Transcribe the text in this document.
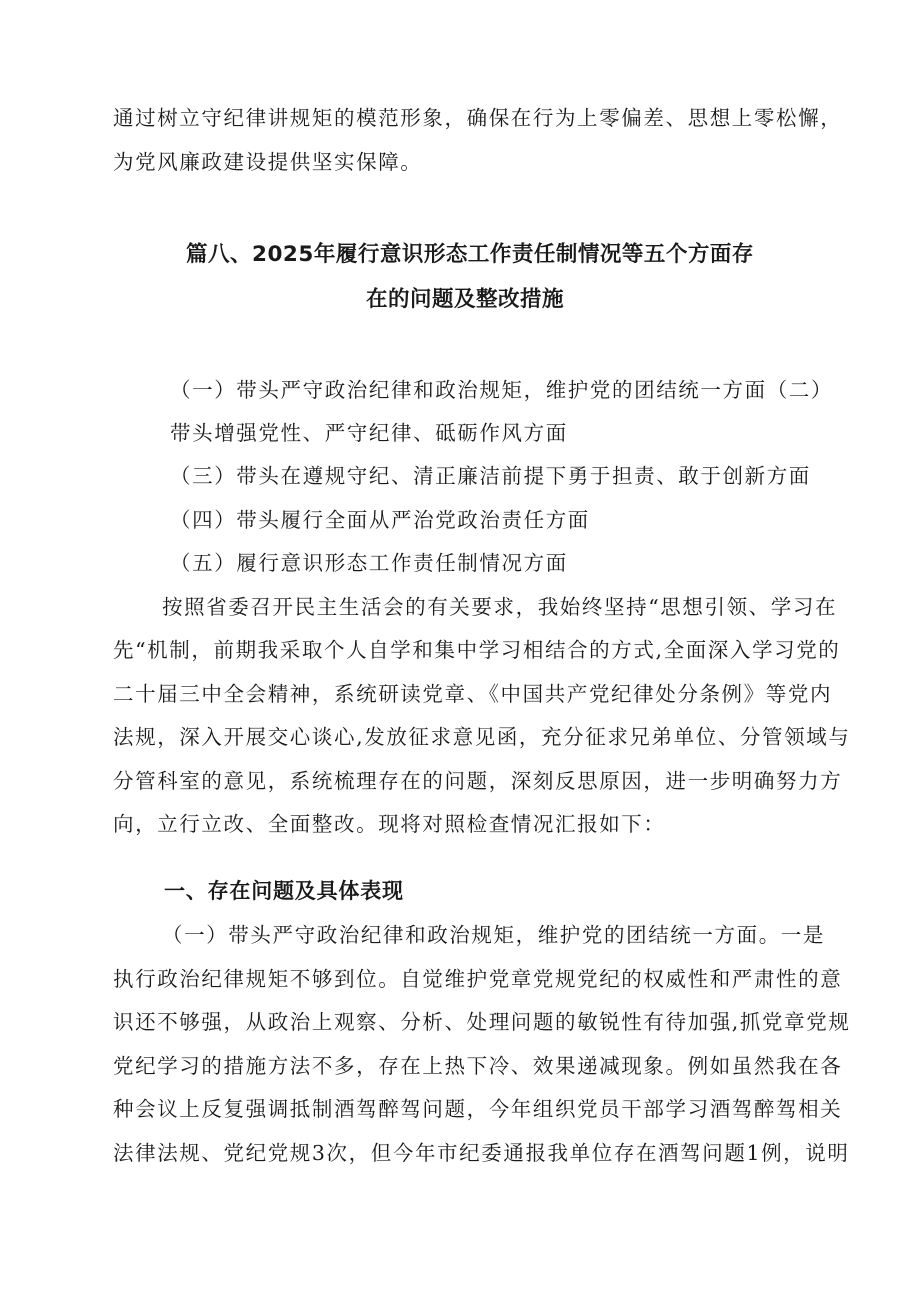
通过树立守纪律讲规矩的模范形象，确保在行为上零偏差、思想上零松懈，
为党风廉政建设提供坚实保障。
篇八、2025年履行意识形态工作责任制情况等五个方面存
在的问题及整改措施
（一）带头严守政治纪律和政治规矩，维护党的团结统一方面（二）
带头增强党性、严守纪律、砥砺作风方面
（三）带头在遵规守纪、清正廉洁前提下勇于担责、敢于创新方面
（四）带头履行全面从严治党政治责任方面
（五）履行意识形态工作责任制情况方面
按照省委召开民主生活会的有关要求，我始终坚持“思想引领、学习在
先“机制，前期我采取个人自学和集中学习相结合的方式,全面深入学习党的
二十届三中全会精神，系统研读党章、《中国共产党纪律处分条例》等党内
法规，深入开展交心谈心,发放征求意见函，充分征求兄弟单位、分管领域与
分管科室的意见，系统梳理存在的问题，深刻反思原因，进一步明确努力方
向，立行立改、全面整改。现将对照检查情况汇报如下：
一、存在问题及具体表现
（一）带头严守政治纪律和政治规矩，维护党的团结统一方面。一是
执行政治纪律规矩不够到位。自觉维护党章党规党纪的权威性和严肃性的意
识还不够强，从政治上观察、分析、处理问题的敏锐性有待加强,抓党章党规
党纪学习的措施方法不多，存在上热下冷、效果递减现象。例如虽然我在各
种会议上反复强调抵制酒驾醉驾问题，今年组织党员干部学习酒驾醉驾相关
法律法规、党纪党规3次，但今年市纪委通报我单位存在酒驾问题1例，说明
